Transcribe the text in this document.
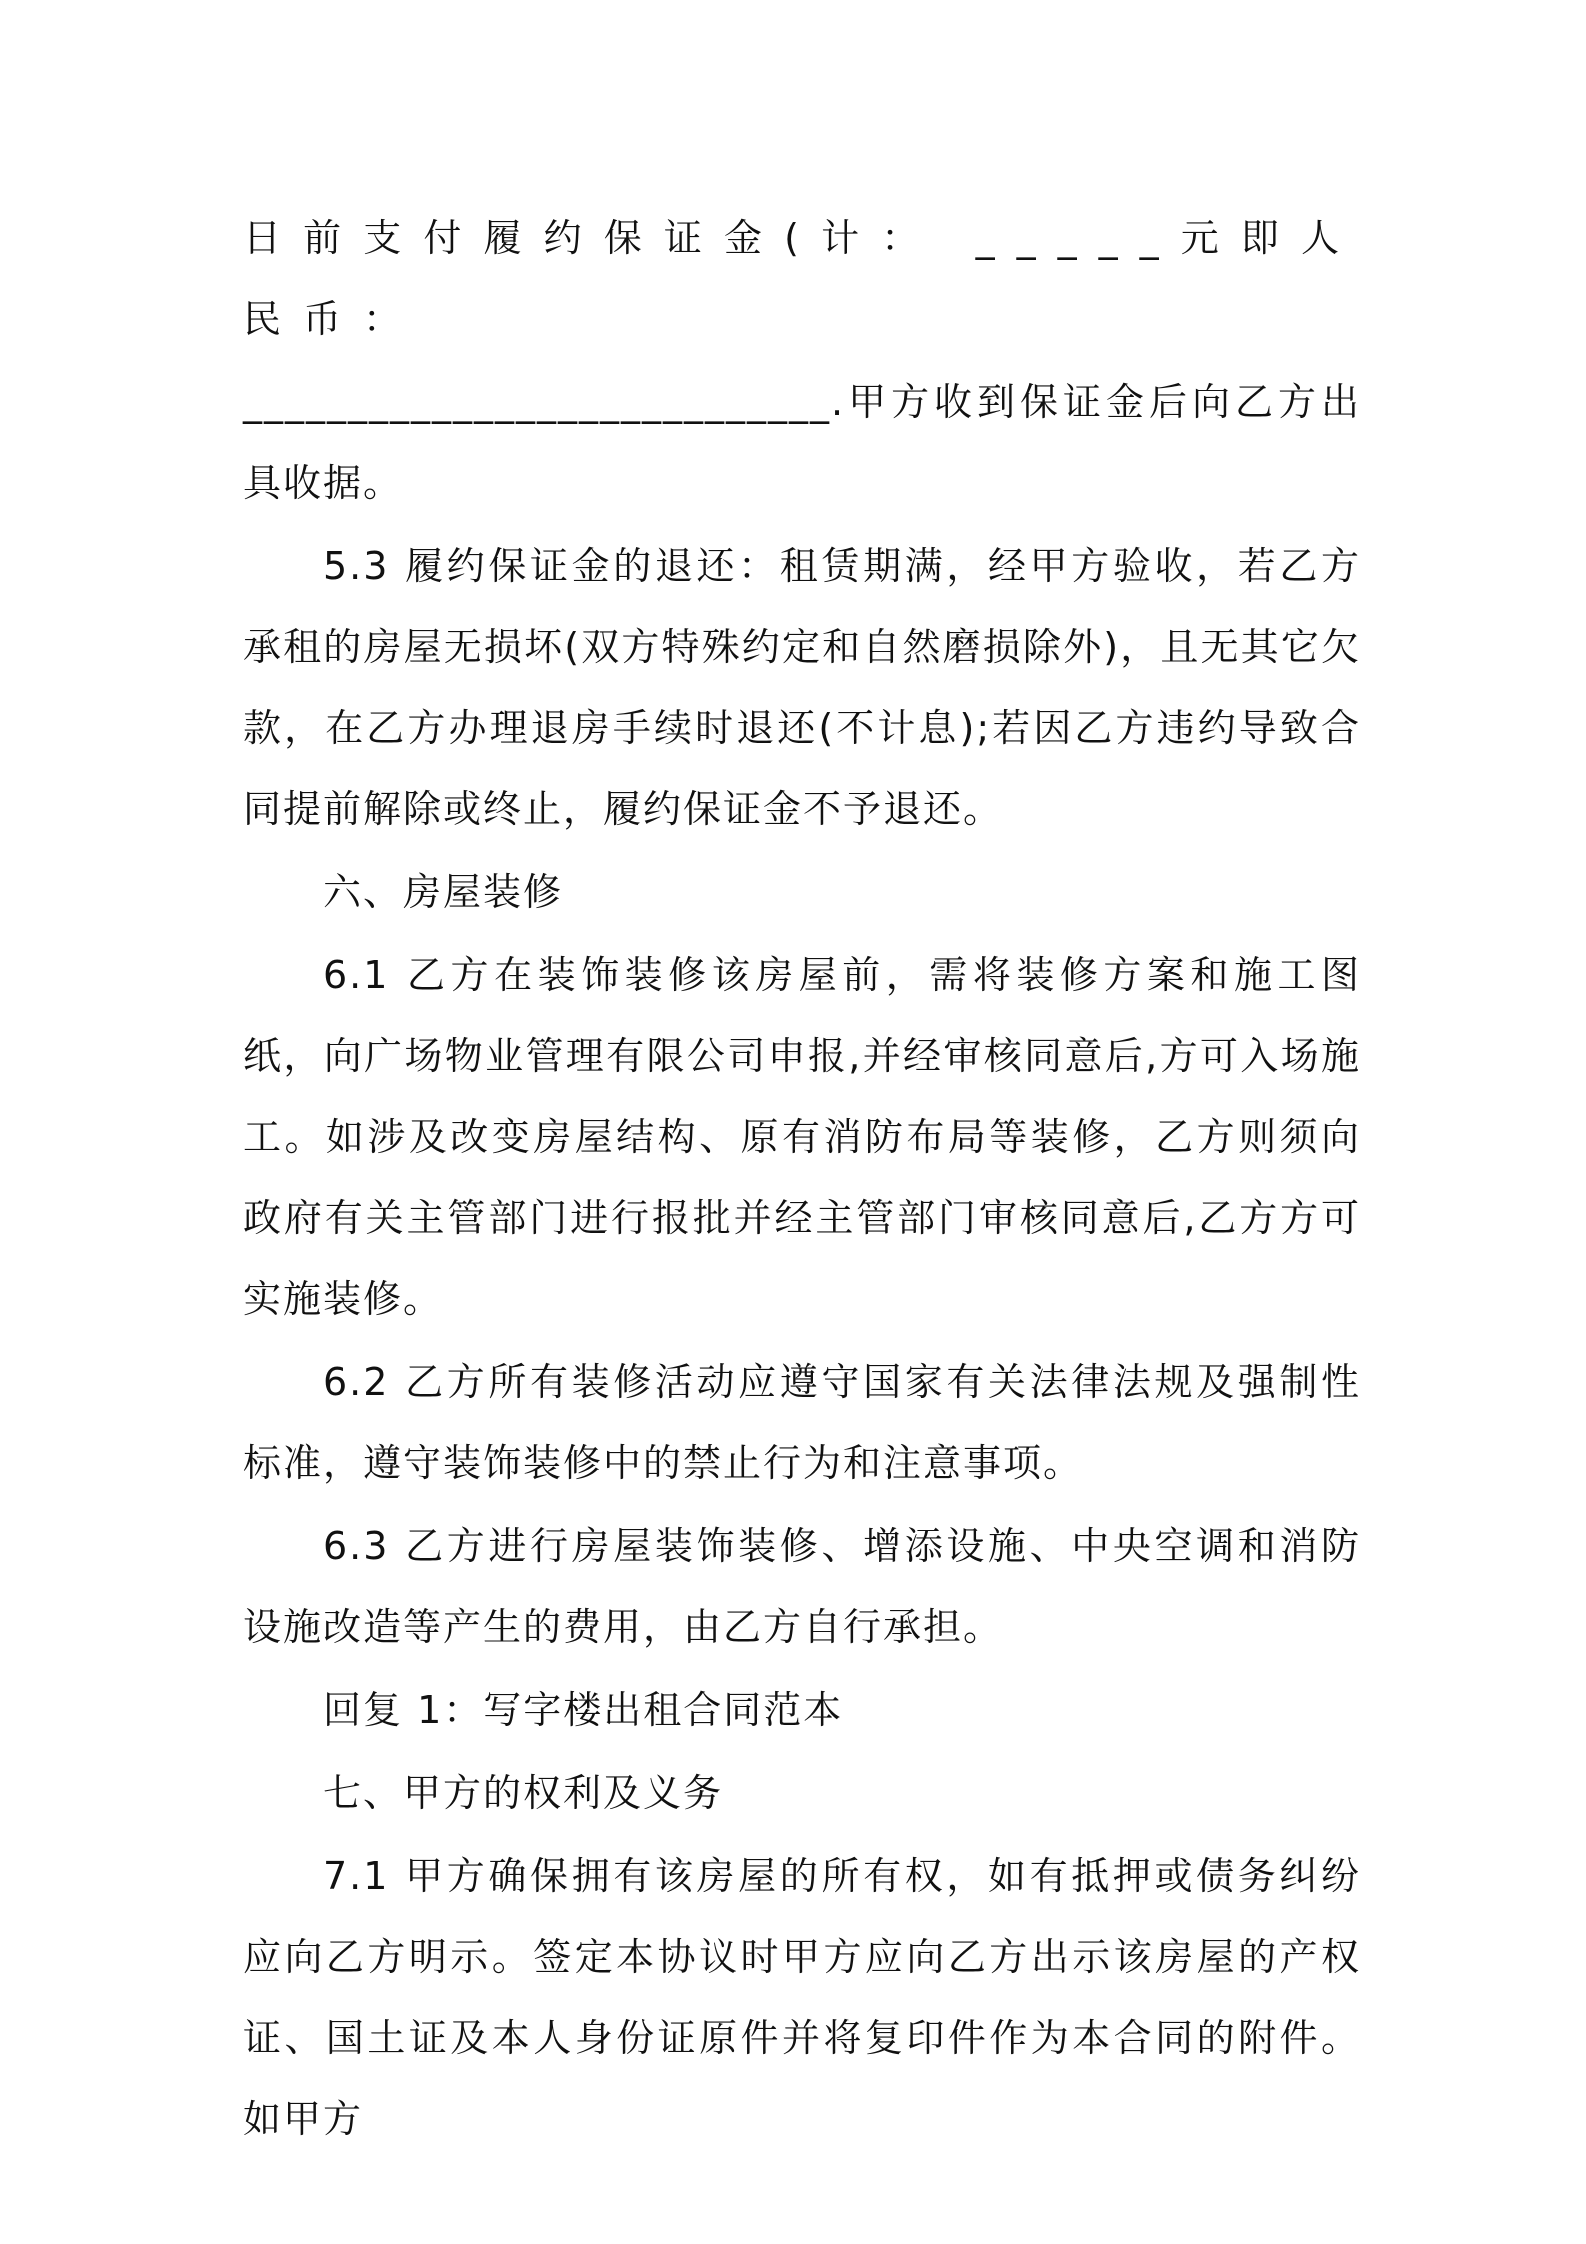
日前支付履约保证金(计： _____元即人民币：

____________________________.甲方收到保证金后向乙方出具收据。

5.3 履约保证金的退还：租赁期满，经甲方验收，若乙方承租的房屋无损坏(双方特殊约定和自然磨损除外)，且无其它欠款，在乙方办理退房手续时退还(不计息);若因乙方违约导致合同提前解除或终止，履约保证金不予退还。

六、房屋装修

6.1 乙方在装饰装修该房屋前，需将装修方案和施工图纸，向广场物业管理有限公司申报,并经审核同意后,方可入场施工。如涉及改变房屋结构、原有消防布局等装修，乙方则须向政府有关主管部门进行报批并经主管部门审核同意后,乙方方可实施装修。

6.2 乙方所有装修活动应遵守国家有关法律法规及强制性标准，遵守装饰装修中的禁止行为和注意事项。

6.3 乙方进行房屋装饰装修、增添设施、中央空调和消防设施改造等产生的费用，由乙方自行承担。

回复 1：写字楼出租合同范本

七、甲方的权利及义务

7.1 甲方确保拥有该房屋的所有权，如有抵押或债务纠纷应向乙方明示。签定本协议时甲方应向乙方出示该房屋的产权证、国土证及本人身份证原件并将复印件作为本合同的附件。如甲方
